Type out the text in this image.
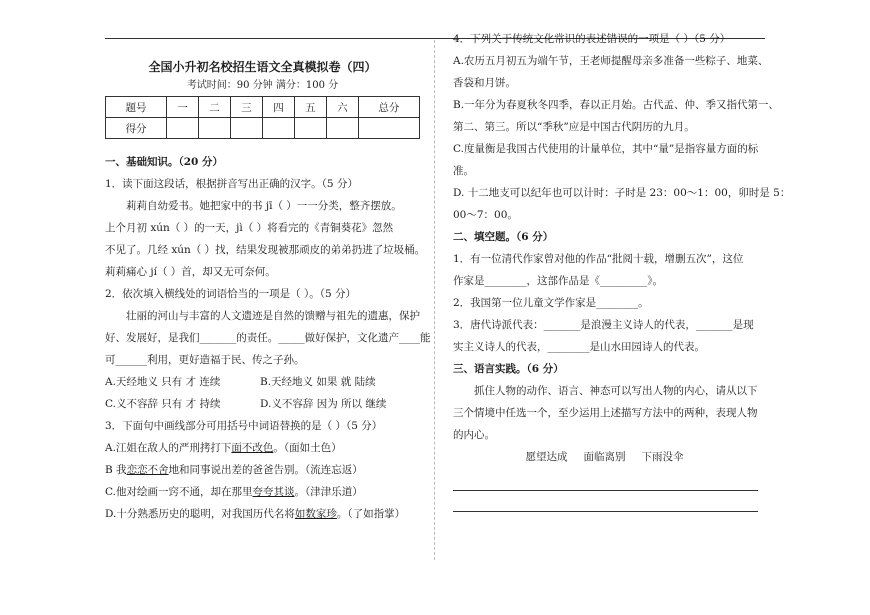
全国小升初名校招生语文全真模拟卷（四）

考试时间：90 分钟 满分：100 分

题号	一	二	三	四	五	六	总分
得分							

一、基础知识。（20 分）

1．读下面这段话，根据拼音写出正确的汉字。（5 分）

莉莉自幼爱书。她把家中的书 jī（ ）一一分类，整齐摆放。

上个月初 xún（ ）的一天，jì（ ）将看完的《青铜葵花》忽然

不见了。几经 xún（ ）找，结果发现被那顽皮的弟弟扔进了垃圾桶。

莉莉痛心 jí（ ）首，却又无可奈何。

2．依次填入横线处的词语恰当的一项是（ ）。（5 分）

壮丽的河山与丰富的人文遗迹是自然的馈赠与祖先的遗惠，保护

好、发展好，是我们_______的责任。_____做好保护，文化遗产____能

可______利用，更好造福于民、传之子孙。

A.天经地义 只有 才 连续	B.天经地义 如果 就 陆续

C.义不容辞 只有 才 持续	D.义不容辞 因为 所以 继续

3．下面句中画线部分可用括号中词语替换的是（ ）（5 分）

A.江姐在敌人的严刑拷打下面不改色。（面如土色）

B 我恋恋不舍地和同事说出差的爸爸告别。（流连忘返）

C.他对绘画一窍不通，却在那里夸夸其谈。（津津乐道）

D.十分熟悉历史的聪明，对我国历代名将如数家珍。（了如指掌）

4．下列关于传统文化常识的表述错误的一项是（ ）（5 分）

A.农历五月初五为端午节，王老师提醒母亲多准备一些粽子、地菜、

香袋和月饼。

B.一年分为春夏秋冬四季，春以正月始。古代孟、仲、季又指代第一、

第二、第三。所以“季秋”应是中国古代阴历的九月。

C.度量衡是我国古代使用的计量单位，其中“量”是指容量方面的标

准。

D. 十二地支可以纪年也可以计时：子时是 23：00～1：00，卯时是 5：

00～7：00。

二、填空题。（6 分）

1．有一位清代作家曾对他的作品“批阅十载，增删五次”，这位

作家是________，这部作品是《_________》。

2．我国第一位儿童文学作家是________。

3．唐代诗派代表：_______是浪漫主义诗人的代表，_______是现

实主义诗人的代表，________是山水田园诗人的代表。

三、语言实践。（6 分）

抓住人物的动作、语言、神态可以写出人物的内心，请从以下

三个情境中任选一个，至少运用上述描写方法中的两种，表现人物

的内心。

愿望达成 面临离别 下雨没伞
